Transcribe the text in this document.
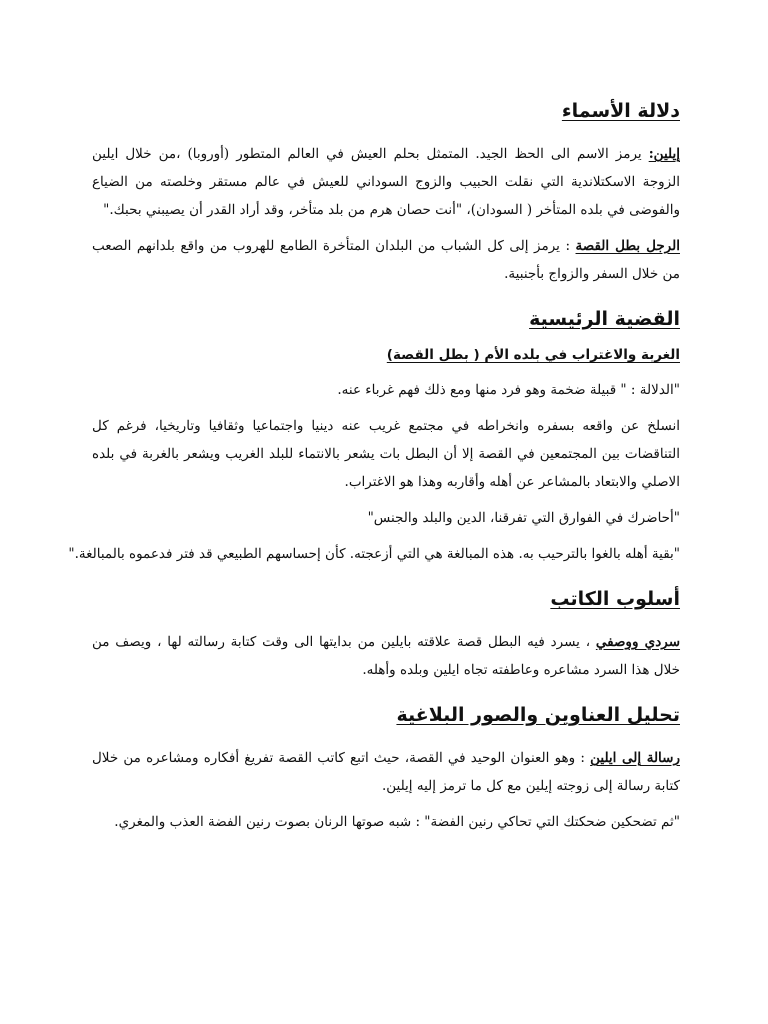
دلالة الأسماء

إيلين: يرمز الاسم الى الحظ الجيد. المتمثل بحلم العيش في العالم المتطور (أوروبا) ،من خلال ايلين الزوجة الاسكتلاندية التي نقلت الحبيب والزوج السوداني للعيش في عالم مستقر وخلصته من الضياع والفوضى في بلده المتأخر ( السودان)، "أنت حصان هرم من بلد متأخر، وقد أراد القدر أن يصيبني بحبك."

الرجل بطل القصة : يرمز إلى كل الشباب من البلدان المتأخرة الطامع للهروب من واقع بلدانهم الصعب من خلال السفر والزواج بأجنبية.

القضية الرئيسية
الغربة والاغتراب في بلده الأم ( بطل القصة)

"الدلالة : " قبيلة ضخمة وهو فرد منها ومع ذلك فهم غرباء عنه.

انسلخ عن واقعه بسفره وانخراطه في مجتمع غريب عنه دينيا واجتماعيا وثقافيا وتاريخيا، فرغم كل التناقضات بين المجتمعين في القصة إلا أن البطل بات يشعر بالانتماء للبلد الغريب ويشعر بالغربة في بلده الاصلي والابتعاد بالمشاعر عن أهله وأقاربه وهذا هو الاغتراب.

"أحاضرك في الفوارق التي تفرقنا، الدين والبلد والجنس"

"بقية أهله بالغوا بالترحيب به. هذه المبالغة هي التي أزعجته. كأن إحساسهم الطبيعي قد فتر فدعموه بالمبالغة."

أسلوب الكاتب

سردي ووصفي ، يسرد فيه البطل قصة علاقته بايلين من بدايتها الى وقت كتابة رسالته لها ، ويصف من خلال هذا السرد مشاعره وعاطفته تجاه ايلين وبلده وأهله.

تحليل العناوين والصور البلاغية

رسالة إلى ايلين : وهو العنوان الوحيد في القصة، حيث اتبع كاتب القصة تفريغ أفكاره ومشاعره من خلال كتابة رسالة إلى زوجته إيلين مع كل ما ترمز إليه إيلين.

"ثم تضحكين ضحكتك التي تحاكي رنين الفضة" : شبه صوتها الرنان بصوت رنين الفضة العذب والمغري.
